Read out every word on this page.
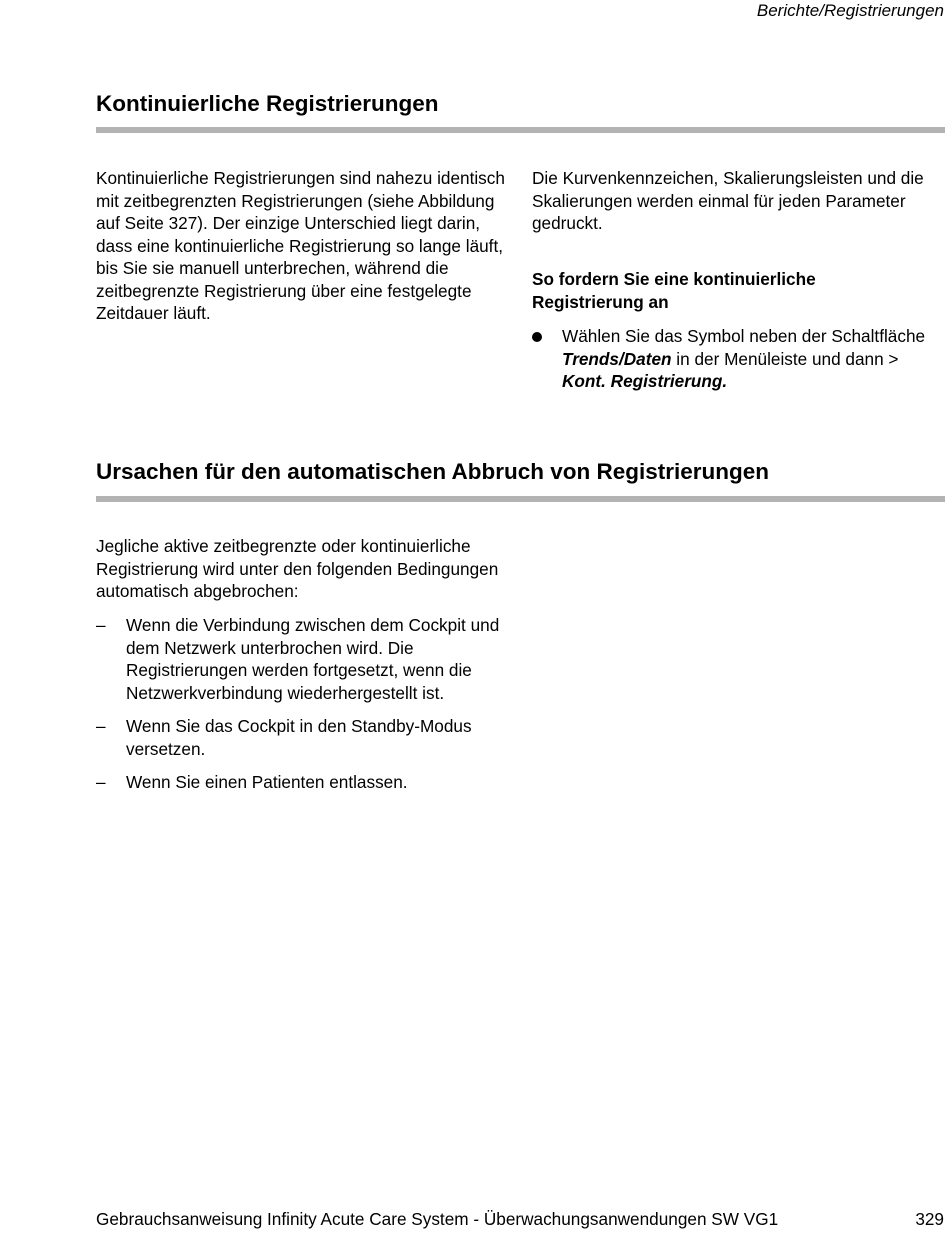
Berichte/Registrierungen
Kontinuierliche Registrierungen

Kontinuierliche Registrierungen sind nahezu identisch mit zeitbegrenzten Registrierungen (siehe Abbildung auf Seite 327). Der einzige Unterschied liegt darin, dass eine kontinuierliche Registrierung so lange läuft, bis Sie sie manuell unterbrechen, während die zeitbegrenzte Registrierung über eine festgelegte Zeitdauer läuft.

Die Kurvenkennzeichen, Skalierungsleisten und die Skalierungen werden einmal für jeden Parameter gedruckt.

So fordern Sie eine kontinuierliche Registrierung an

Wählen Sie das Symbol neben der Schaltfläche Trends/Daten in der Menüleiste und dann > Kont. Registrierung.
Ursachen für den automatischen Abbruch von Registrierungen

Jegliche aktive zeitbegrenzte oder kontinuierliche Registrierung wird unter den folgenden Bedingungen automatisch abgebrochen:

– Wenn die Verbindung zwischen dem Cockpit und dem Netzwerk unterbrochen wird. Die Registrierungen werden fortgesetzt, wenn die Netzwerkverbindung wiederhergestellt ist.
– Wenn Sie das Cockpit in den Standby-Modus versetzen.
– Wenn Sie einen Patienten entlassen.
Gebrauchsanweisung Infinity Acute Care System - Überwachungsanwendungen SW VG1	329
